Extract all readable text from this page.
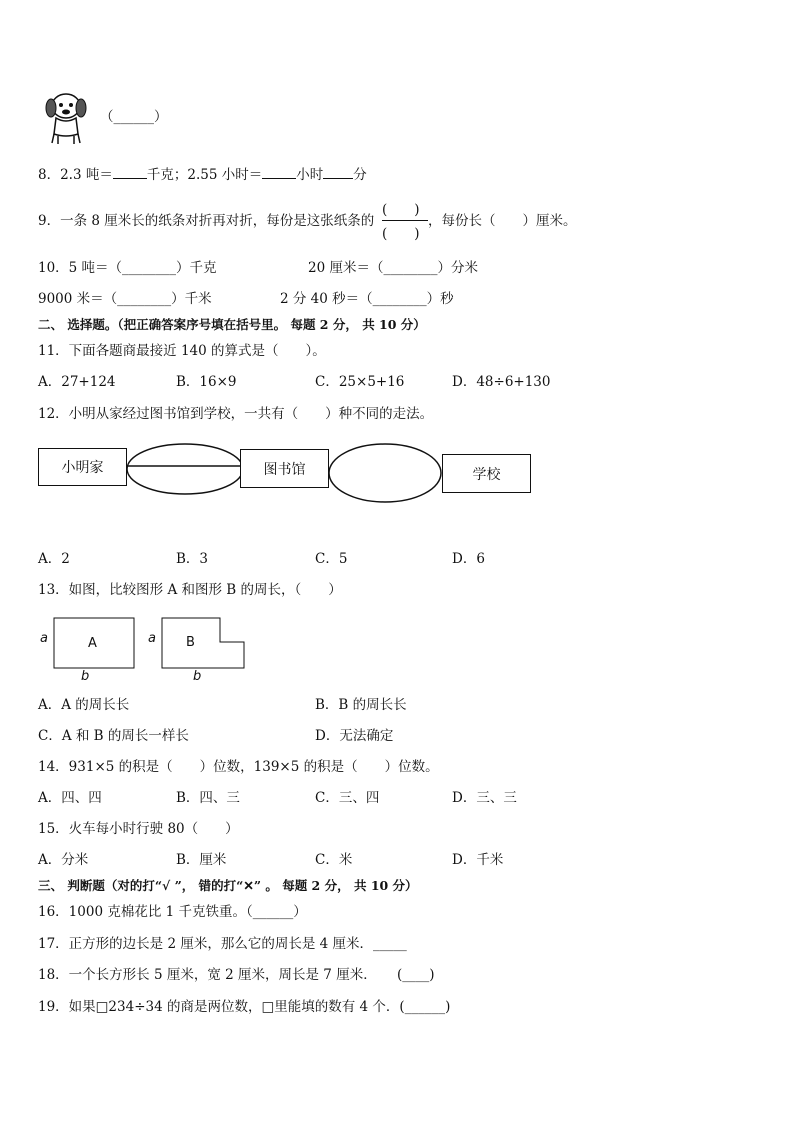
（______）
8．2.3 吨＝	千克；2.55 小时＝	小时 分
9．一条 8 厘米长的纸条对折再对折，每份是这张纸条的
(　　)
(　　)
，每份长（　　）厘米。
10．5 吨＝（________）千克	20 厘米＝（________）分米
9000 米＝（________）千米	2 分 40 秒＝（________）秒
二、 选择题。（把正确答案序号填在括号里。 每题 2 分， 共 10 分）
11．下面各题商最接近 140 的算式是（　　）。
A．27+124	B．16×9	C．25×5+16	D．48÷6+130
12．小明从家经过图书馆到学校，一共有（　　）种不同的走法。
小明家	图书馆	学校
A．2	B．3	C．5	D．6
13．如图，比较图形 A 和图形 B 的周长，（　　）
A	B
a	a
b	b
A．A 的周长长	B．B 的周长长
C．A 和 B 的周长一样长	D．无法确定
14．931×5 的积是（　　）位数，139×5 的积是（　　）位数。
A．四、四	B．四、三	C．三、四	D．三、三
15．火车每小时行驶 80（　　）
A．分米	B．厘米	C．米	D．千米
三、 判断题（对的打“√ ”， 错的打“✕” 。 每题 2 分， 共 10 分）
16．1000 克棉花比 1 千克铁重。（______）
17．正方形的边长是 2 厘米，那么它的周长是 4 厘米．_____
18．一个长方形长 5 厘米，宽 2 厘米，周长是 7 厘米．　　(____)
19．如果□234÷34 的商是两位数，□里能填的数有 4 个．(______)
